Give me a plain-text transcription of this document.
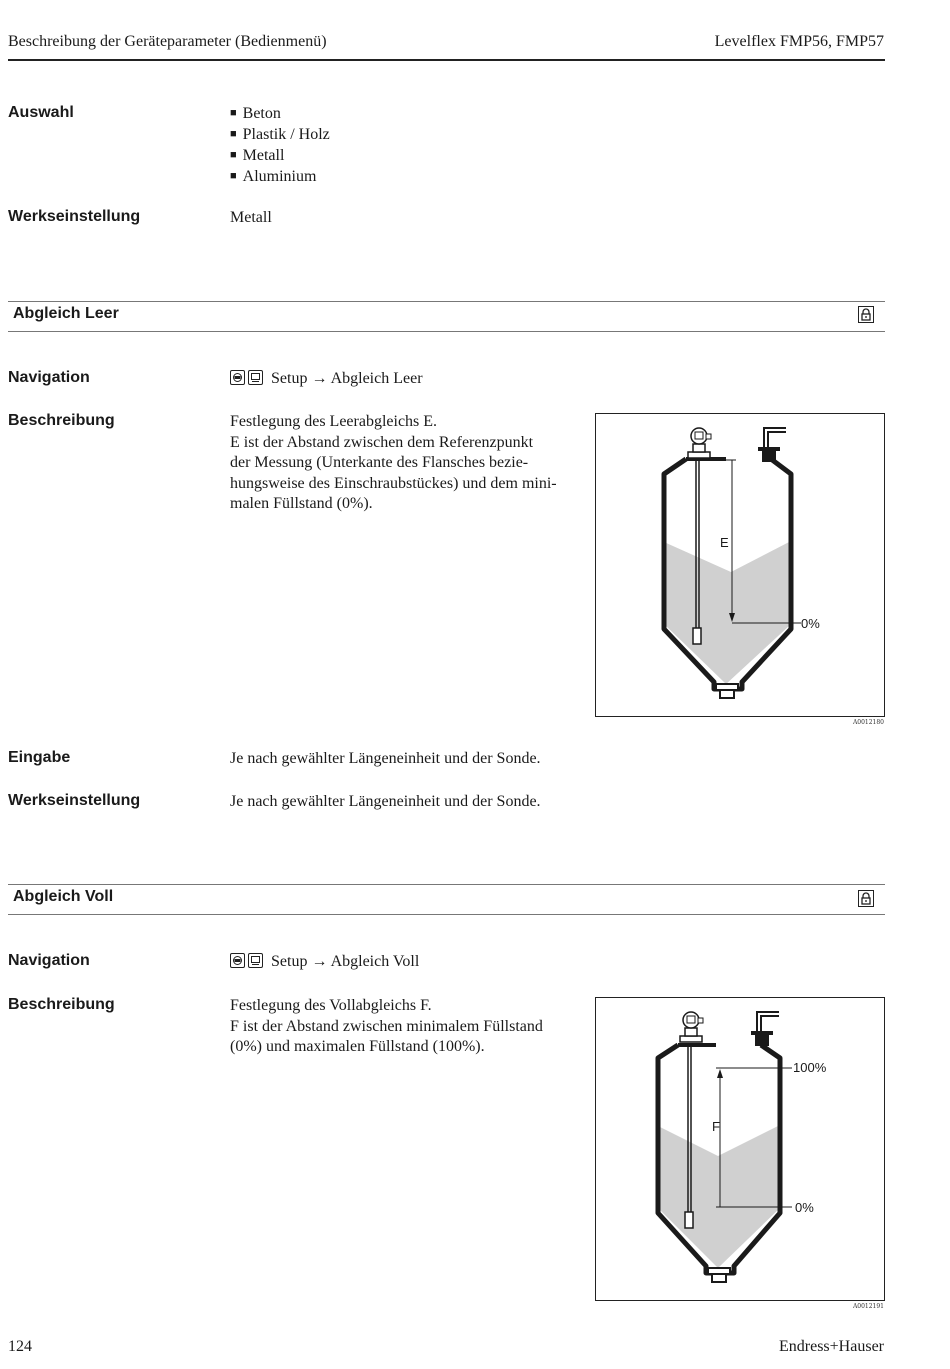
Beschreibung der Geräteparameter (Bedienmenü)	Levelflex FMP56, FMP57
Auswahl
■	Beton
■ Plastik / Holz
■ Metall
■ Aluminium
Werkseinstellung	Metall
Abgleich Leer
Navigation	Setup → Abgleich Leer
Beschreibung	Festlegung des Leerabgleichs E.

E ist der Abstand zwischen dem Referenzpunkt

der Messung (Unterkante des Flansches bezie-

hungsweise des Einschraubstückes) und dem mini-

malen Füllstand (0%).

E
0%
A0012180
Eingabe	Je nach gewählter Längeneinheit und der Sonde.
Werkseinstellung	Je nach gewählter Längeneinheit und der Sonde.
Abgleich Voll
Navigation	Setup → Abgleich Voll
Beschreibung	Festlegung des Vollabgleichs F.

F ist der Abstand zwischen minimalem Füllstand

(0%) und maximalen Füllstand (100%).

F
100%
0%
A0012191
124	Endress+Hauser
